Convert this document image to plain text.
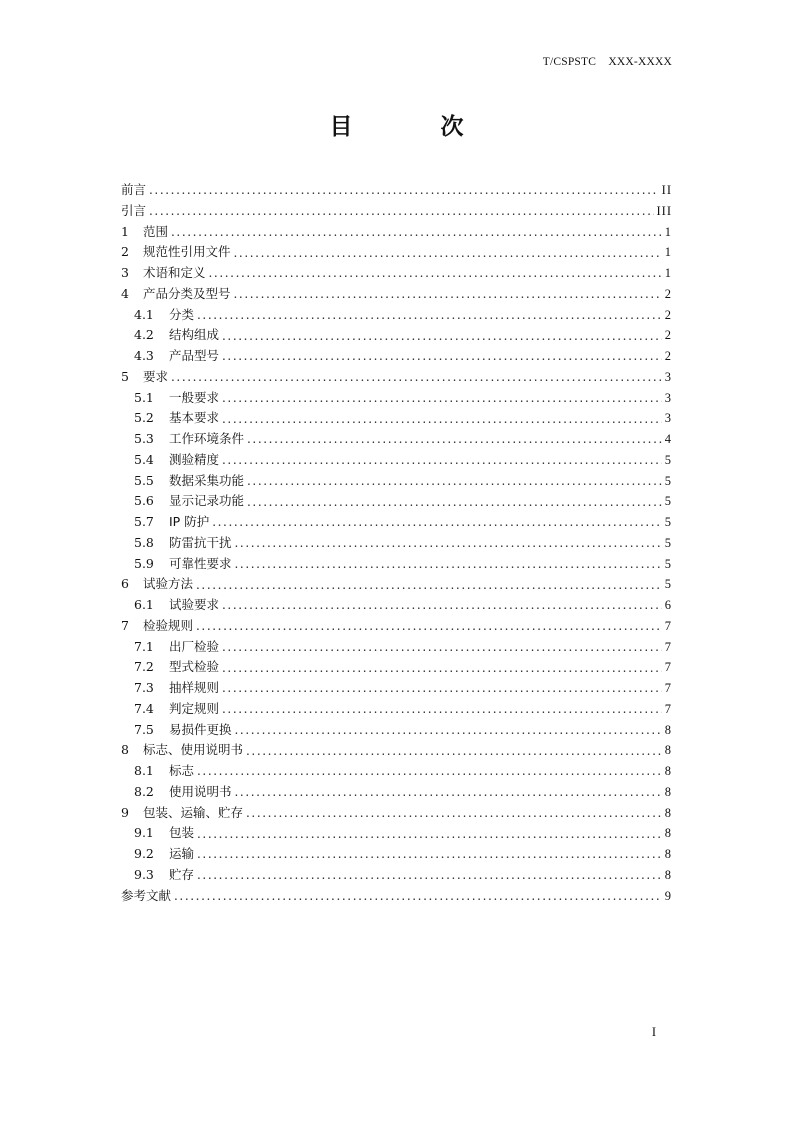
T/CSPSTC    XXX-XXXX
目 次
前言 .....	II
引言 .....	III
1	范围 .....	1
2	规范性引用文件 .....	1
3	术语和定义 .....	1
4	产品分类及型号 .....	2
4.1	分类 .....	2
4.2	结构组成 .....	2
4.3	产品型号 .....	2
5	要求 .....	3
5.1	一般要求 .....	3
5.2	基本要求 .....	3
5.3	工作环境条件 .....	4
5.4	测验精度 .....	5
5.5	数据采集功能 .....	5
5.6	显示记录功能 .....	5
5.7	IP 防护 .....	5
5.8	防雷抗干扰 .....	5
5.9	可靠性要求 .....	5
6	试验方法 .....	5
6.1	试验要求 .....	6
7	检验规则 .....	7
7.1	出厂检验 .....	7
7.2	型式检验 .....	7
7.3	抽样规则 .....	7
7.4	判定规则 .....	7
7.5	易损件更换 .....	8
8	标志、使用说明书 .....	8
8.1	标志 .....	8
8.2	使用说明书 .....	8
9	包装、运输、贮存 .....	8
9.1	包装 .....	8
9.2	运输 .....	8
9.3	贮存 .....	8
参考文献 .....	9
I
